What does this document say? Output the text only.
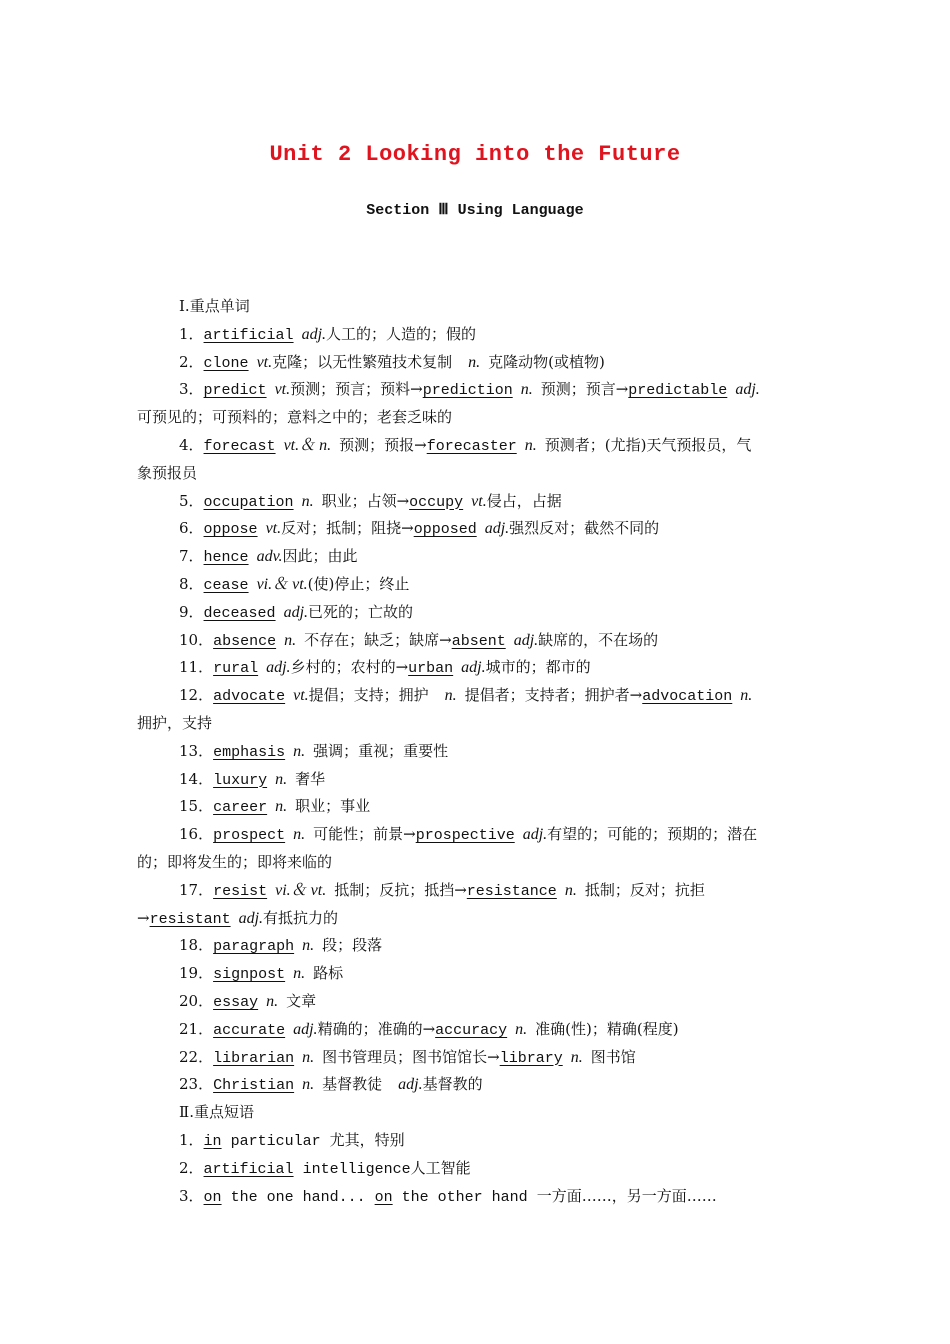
Unit 2 Looking into the Future
Section Ⅲ Using Language
Ⅰ.重点单词
1．artificial adj.人工的；人造的；假的
2．clone vt.克隆；以无性繁殖技术复制 n. 克隆动物(或植物)
3．predict vt.预测；预言；预料→prediction n. 预测；预言→predictable adj.
可预见的；可预料的；意料之中的；老套乏味的
4．forecast vt.＆ n. 预测；预报→forecaster n. 预测者；(尤指)天气预报员，气
象预报员
5．occupation n. 职业；占领→occupy vt.侵占，占据
6．oppose vt.反对；抵制；阻挠→opposed adj.强烈反对；截然不同的
7．hence adv.因此；由此
8．cease vi.＆ vt.(使)停止；终止
9．deceased adj.已死的；亡故的
10．absence n. 不存在；缺乏；缺席→absent adj.缺席的，不在场的
11．rural adj.乡村的；农村的→urban adj.城市的；都市的
12．advocate vt.提倡；支持；拥护 n. 提倡者；支持者；拥护者→advocation n.
拥护，支持
13．emphasis n. 强调；重视；重要性
14．luxury n. 奢华
15．career n. 职业；事业
16．prospect n. 可能性；前景→prospective adj.有望的；可能的；预期的；潜在
的；即将发生的；即将来临的
17．resist vi.＆ vt. 抵制；反抗；抵挡→resistance n. 抵制；反对；抗拒
→resistant adj.有抵抗力的
18．paragraph n. 段；段落
19．signpost n. 路标
20．essay n. 文章
21．accurate adj.精确的；准确的→accuracy n. 准确(性)；精确(程度)
22．librarian n. 图书管理员；图书馆馆长→library n. 图书馆
23．Christian n. 基督教徒 adj.基督教的
Ⅱ.重点短语
1．in particular 尤其，特别
2．artificial intelligence人工智能
3．on the one hand... on the other hand 一方面……，另一方面……
